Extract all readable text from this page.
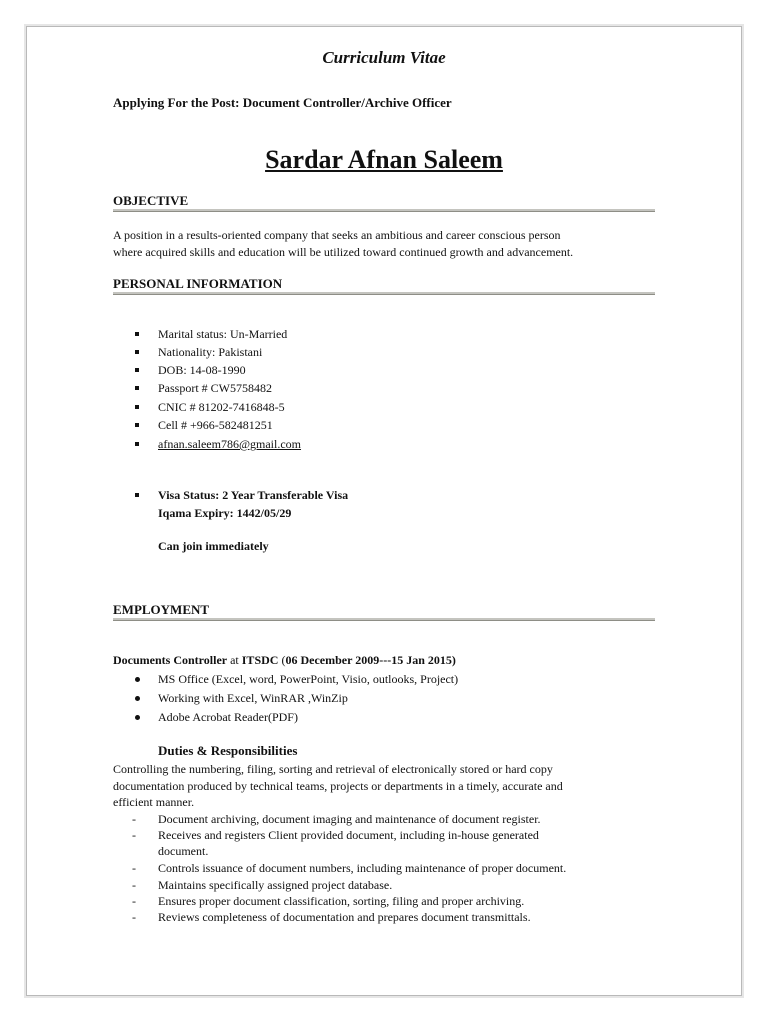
Curriculum Vitae
Applying For the Post: Document Controller/Archive Officer
Sardar Afnan Saleem
OBJECTIVE
A position in a results-oriented company that seeks an ambitious and career conscious person
where acquired skills and education will be utilized toward continued growth and advancement.
PERSONAL INFORMATION
Marital status: Un-Married
Nationality: Pakistani
DOB: 14-08-1990
Passport # CW5758482
CNIC # 81202-7416848-5
Cell # +966-582481251
afnan.saleem786@gmail.com
Visa Status: 2 Year Transferable Visa
Iqama Expiry: 1442/05/29
Can join immediately
EMPLOYMENT
Documents Controller at ITSDC (06 December 2009---15 Jan 2015)
MS Office (Excel, word, PowerPoint, Visio, outlooks, Project)
Working with Excel, WinRAR ,WinZip
Adobe Acrobat Reader(PDF)
Duties & Responsibilities
Controlling the numbering, filing, sorting and retrieval of electronically stored or hard copy
documentation produced by technical teams, projects or departments in a timely, accurate and
efficient manner.
- Document archiving, document imaging and maintenance of document register.
- Receives and registers Client provided document, including in-house generated
document.
- Controls issuance of document numbers, including maintenance of proper document.
- Maintains specifically assigned project database.
- Ensures proper document classification, sorting, filing and proper archiving.
- Reviews completeness of documentation and prepares document transmittals.
